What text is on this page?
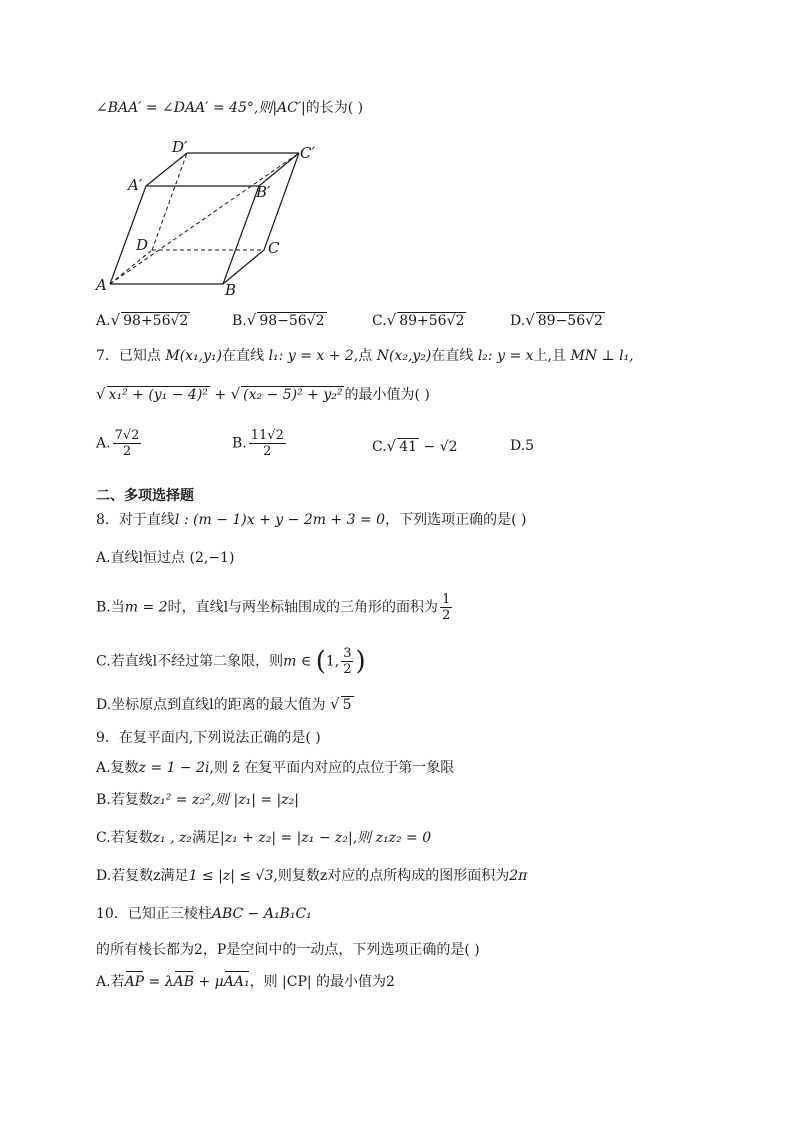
∠BAA′ = ∠DAA′ = 45°,则|AC′|的长为( )
D′	C′
A′	B′
D	C
A	B
A.√ 98+56√2	B.√ 98−56√2	C.√ 89+56√2	D.√ 89−56√2
7．已知点 M(x₁,y₁)在直线 l₁: y = x + 2,点 N(x₂,y₂)在直线 l₂: y = x上,且 MN ⊥ l₁,
√ x₁² + (y₁ − 4)² + √ (x₂ − 5)² + y₂² 的最小值为( )
A. $\frac{7√2}{2}$	B. $\frac{11√2}{2}$	C.√ 41 − √2	D.5
二、多项选择题
8．对于直线l : (m − 1)x + y − 2m + 3 = 0，下列选项正确的是( )
A.直线l恒过点 (2,−1)
B.当m = 2时，直线l与两坐标轴围成的三角形的面积为 $\frac{1}{2}$
C.若直线l不经过第二象限，则m ∈ (1, $\frac{3}{2}$ )
D.坐标原点到直线l的距离的最大值为 √ 5
9．在复平面内,下列说法正确的是( )
A.复数z = 1 − 2i,则 z̄ 在复平面内对应的点位于第一象限
B.若复数z₁² = z₂²,则 |z₁| = |z₂|
C.若复数z₁ , z₂满足|z₁ + z₂| = |z₁ − z₂|,则 z₁z₂ = 0
D.若复数z满足1 ≤ |z| ≤ √3,则复数z对应的点所构成的图形面积为2π
10．已知正三棱柱ABC − A₁B₁C₁
的所有棱长都为2，P是空间中的一动点，下列选项正确的是( )
A.若AP = λAB + μAA₁，则 |CP| 的最小值为2
